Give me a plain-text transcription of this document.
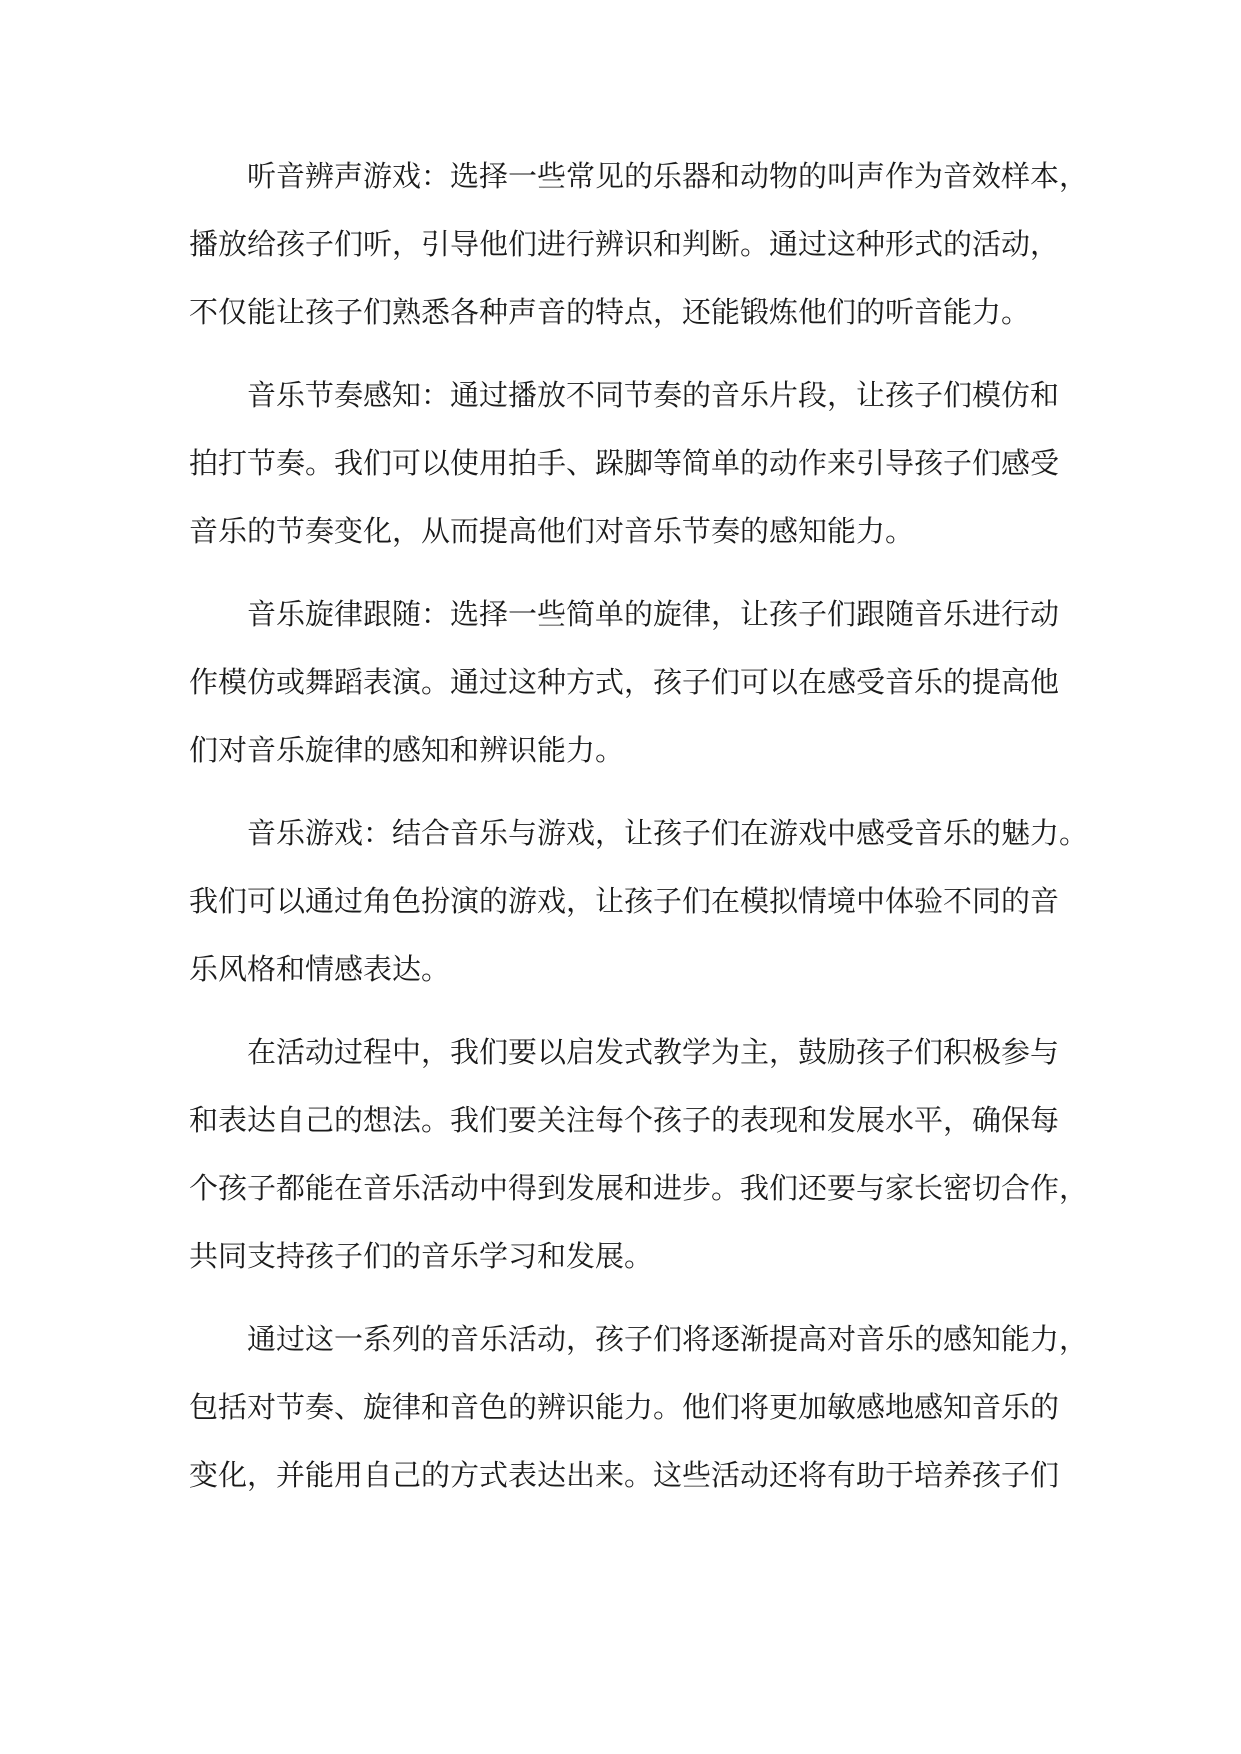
听音辨声游戏：选择一些常见的乐器和动物的叫声作为音效样本，
播放给孩子们听，引导他们进行辨识和判断。通过这种形式的活动，
不仅能让孩子们熟悉各种声音的特点，还能锻炼他们的听音能力。
音乐节奏感知：通过播放不同节奏的音乐片段，让孩子们模仿和
拍打节奏。我们可以使用拍手、跺脚等简单的动作来引导孩子们感受
音乐的节奏变化，从而提高他们对音乐节奏的感知能力。
音乐旋律跟随：选择一些简单的旋律，让孩子们跟随音乐进行动
作模仿或舞蹈表演。通过这种方式，孩子们可以在感受音乐的提高他
们对音乐旋律的感知和辨识能力。
音乐游戏：结合音乐与游戏，让孩子们在游戏中感受音乐的魅力。
我们可以通过角色扮演的游戏，让孩子们在模拟情境中体验不同的音
乐风格和情感表达。
在活动过程中，我们要以启发式教学为主，鼓励孩子们积极参与
和表达自己的想法。我们要关注每个孩子的表现和发展水平，确保每
个孩子都能在音乐活动中得到发展和进步。我们还要与家长密切合作，
共同支持孩子们的音乐学习和发展。
通过这一系列的音乐活动，孩子们将逐渐提高对音乐的感知能力，
包括对节奏、旋律和音色的辨识能力。他们将更加敏感地感知音乐的
变化，并能用自己的方式表达出来。这些活动还将有助于培养孩子们
